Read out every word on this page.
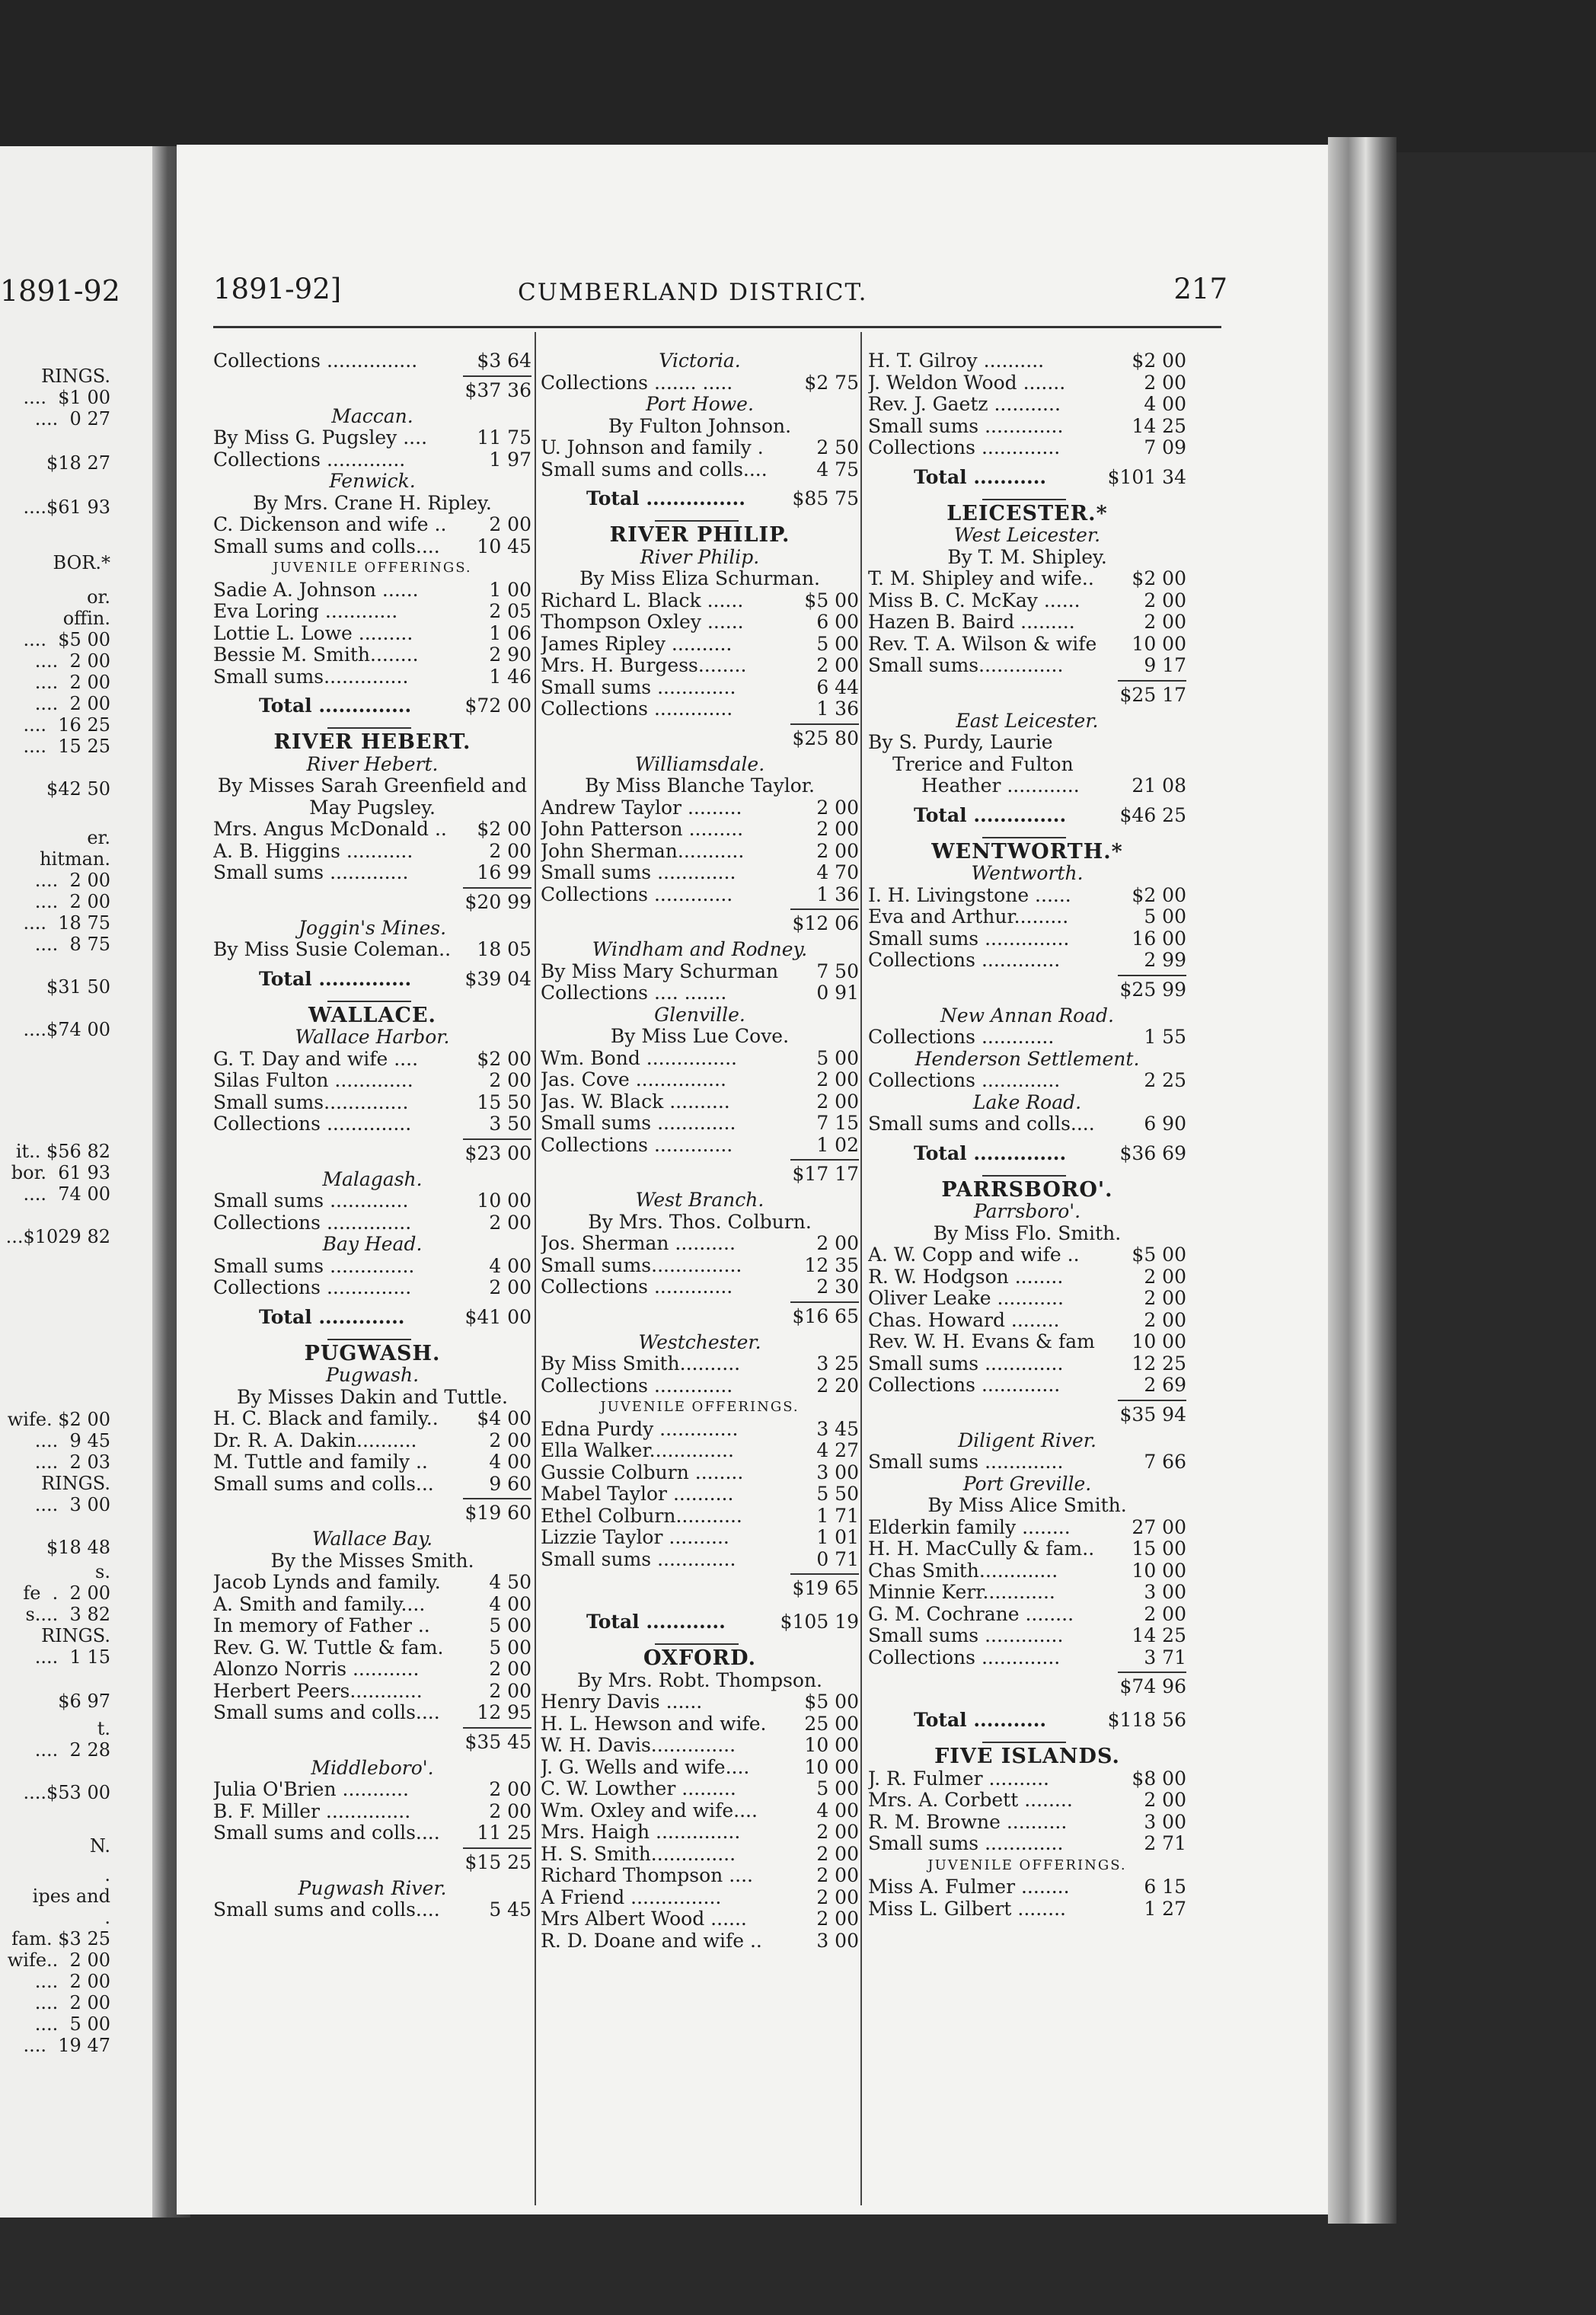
1891-92
RINGS.
....  $1 00
....  0 27
$18 27
....$61 93
BOR.*
or.
offin.
....  $5 00
....  2 00
....  2 00
....  2 00
....  16 25
....  15 25
$42 50
er.
hitman.
....  2 00
....  2 00
....  18 75
....  8 75
$31 50
....$74 00
it.. $56 82
bor.  61 93
....  74 00
...$1029 82
wife. $2 00
....  9 45
....  2 03
RINGS.
....  3 00
$18 48
s.
fe  .  2 00
s....  3 82
RINGS.
....  1 15
$6 97
t.
....  2 28
....$53 00
N.
.
ipes and
.
fam. $3 25
wife..  2 00
....  2 00
....  2 00
....  5 00
....  19 47
1891-92]	CUMBERLAND DISTRICT.	217
Collections ...............	$3 64
$37 36
Maccan.
By Miss G. Pugsley ....	11 75
Collections .............	1 97
Fenwick.
By Mrs. Crane H. Ripley.
C. Dickenson and wife .. 2 00
Small sums and colls.... 10 45
JUVENILE OFFERINGS.
Sadie A. Johnson ......	1 00
Eva Loring ............	2 05
Lottie L. Lowe .........	1 06
Bessie M. Smith........	2 90
Small sums..............	1 46
Total ..............	$72 00
RIVER HEBERT.
River Hebert.
By Misses Sarah Greenfield and
May Pugsley.
Mrs. Angus McDonald .. $2 00
A. B. Higgins ...........	2 00
Small sums .............	16 99
$20 99
Joggin's Mines.
By Miss Susie Coleman.. 18 05
Total ..............	$39 04
WALLACE.
Wallace Harbor.
G. T. Day and wife ....	$2 00
Silas Fulton .............	2 00
Small sums..............	15 50
Collections ..............	3 50
$23 00
Malagash.
Small sums .............	10 00
Collections ..............	2 00
Bay Head.
Small sums ..............	4 00
Collections ..............	2 00
Total .............	$41 00
PUGWASH.
Pugwash.
By Misses Dakin and Tuttle.
H. C. Black and family.. $4 00
Dr. R. A. Dakin..........	2 00
M. Tuttle and family ..	4 00
Small sums and colls...	9 60
$19 60
Wallace Bay.
By the Misses Smith.
Jacob Lynds and family.	4 50
A. Smith and family....	4 00
In memory of Father ..	5 00
Rev. G. W. Tuttle & fam. 5 00
Alonzo Norris ...........	2 00
Herbert Peers............	2 00
Small sums and colls.... 12 95
$35 45
Middleboro'.
Julia O'Brien ...........	2 00
B. F. Miller ..............	2 00
Small sums and colls.... 11 25
$15 25
Pugwash River.
Small sums and colls....	5 45
Victoria.
Collections ....... .....	$2 75
Port Howe.
By Fulton Johnson.
U. Johnson and family .	2 50
Small sums and colls....	4 75
Total ............... $85 75
RIVER PHILIP.
River Philip.
By Miss Eliza Schurman.
Richard L. Black ......	$5 00
Thompson Oxley ......	6 00
James Ripley ..........	5 00
Mrs. H. Burgess........	2 00
Small sums .............	6 44
Collections .............	1 36
$25 80
Williamsdale.
By Miss Blanche Taylor.
Andrew Taylor .........	2 00
John Patterson .........	2 00
John Sherman...........	2 00
Small sums .............	4 70
Collections .............	1 36
$12 06
Windham and Rodney.
By Miss Mary Schurman 7 50
Collections .... .......	0 91
Glenville.
By Miss Lue Cove.
Wm. Bond ...............	5 00
Jas. Cove ...............	2 00
Jas. W. Black ..........	2 00
Small sums .............	7 15
Collections .............	1 02
$17 17
West Branch.
By Mrs. Thos. Colburn.
Jos. Sherman ..........	2 00
Small sums...............	12 35
Collections .............	2 30
$16 65
Westchester.
By Miss Smith..........	3 25
Collections .............	2 20
JUVENILE OFFERINGS.
Edna Purdy .............	3 45
Ella Walker..............	4 27
Gussie Colburn ........	3 00
Mabel Taylor ..........	5 50
Ethel Colburn...........	1 71
Lizzie Taylor ..........	1 01
Small sums .............	0 71
$19 65
Total ............	$105 19
OXFORD.
By Mrs. Robt. Thompson.
Henry Davis ......	$5 00
H. L. Hewson and wife. 25 00
W. H. Davis..............	10 00
J. G. Wells and wife....	10 00
C. W. Lowther .........	5 00
Wm. Oxley and wife....	4 00
Mrs. Haigh ..............	2 00
H. S. Smith..............	2 00
Richard Thompson ....	2 00
A Friend ...............	2 00
Mrs Albert Wood ......	2 00
R. D. Doane and wife ..	3 00
H. T. Gilroy ..........	$2 00
J. Weldon Wood .......	2 00
Rev. J. Gaetz ...........	4 00
Small sums .............	14 25
Collections .............	7 09
Total ...........	$101 34
LEICESTER.*
West Leicester.
By T. M. Shipley.
T. M. Shipley and wife.. $2 00
Miss B. C. McKay ......	2 00
Hazen B. Baird .........	2 00
Rev. T. A. Wilson & wife 10 00
Small sums..............	9 17
$25 17
East Leicester.
By S. Purdy, Laurie
Trerice and Fulton
Heather ............	21 08
Total ..............	$46 25
WENTWORTH.*
Wentworth.
I. H. Livingstone ......	$2 00
Eva and Arthur.........	5 00
Small sums ..............	16 00
Collections .............	2 99
$25 99
New Annan Road.
Collections ............	1 55
Henderson Settlement.
Collections .............	2 25
Lake Road.
Small sums and colls....	6 90
Total ..............	$36 69
PARRSBORO'.
Parrsboro'.
By Miss Flo. Smith.
A. W. Copp and wife ..	$5 00
R. W. Hodgson ........	2 00
Oliver Leake ...........	2 00
Chas. Howard ........	2 00
Rev. W. H. Evans & fam 10 00
Small sums .............	12 25
Collections .............	2 69
$35 94
Diligent River.
Small sums .............	7 66
Port Greville.
By Miss Alice Smith.
Elderkin family ........	27 00
H. H. MacCully & fam.. 15 00
Chas Smith.............	10 00
Minnie Kerr............	3 00
G. M. Cochrane ........	2 00
Small sums .............	14 25
Collections .............	3 71
$74 96
Total ...........	$118 56
FIVE ISLANDS.
J. R. Fulmer ..........	$8 00
Mrs. A. Corbett ........	2 00
R. M. Browne ..........	3 00
Small sums .............	2 71
JUVENILE OFFERINGS.
Miss A. Fulmer ........	6 15
Miss L. Gilbert ........	1 27
